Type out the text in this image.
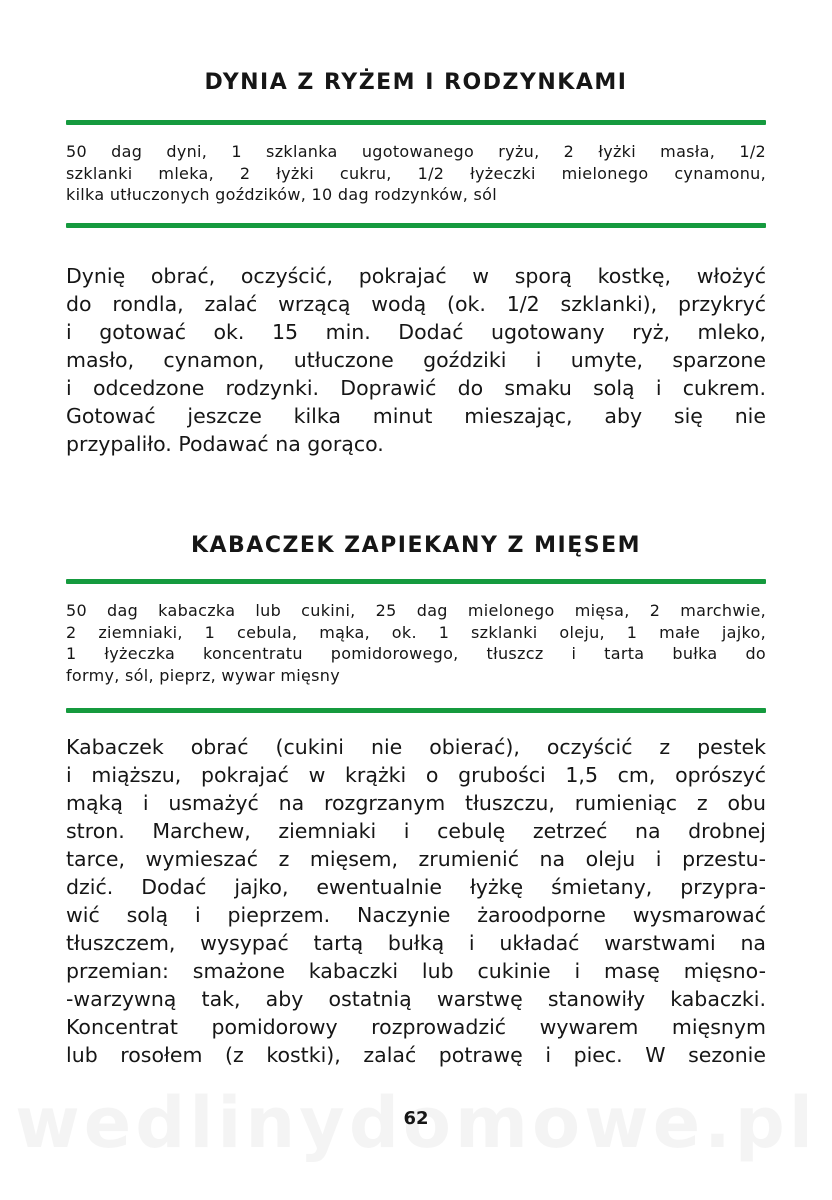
DYNIA Z RYŻEM I RODZYNKAMI

50 dag dyni, 1 szklanka ugotowanego ryżu, 2 łyżki masła, 1/2
szklanki mleka, 2 łyżki cukru, 1/2 łyżeczki mielonego cynamonu,
kilka utłuczonych goździków, 10 dag rodzynków, sól

Dynię obrać, oczyścić, pokrajać w sporą kostkę, włożyć
do rondla, zalać wrzącą wodą (ok. 1/2 szklanki), przykryć
i gotować ok. 15 min. Dodać ugotowany ryż, mleko,
masło, cynamon, utłuczone goździki i umyte, sparzone
i odcedzone rodzynki. Doprawić do smaku solą i cukrem.
Gotować jeszcze kilka minut mieszając, aby się nie
przypaliło. Podawać na gorąco.

KABACZEK ZAPIEKANY Z MIĘSEM

50 dag kabaczka lub cukini, 25 dag mielonego mięsa, 2 marchwie,
2 ziemniaki, 1 cebula, mąka, ok. 1 szklanki oleju, 1 małe jajko,
1 łyżeczka koncentratu pomidorowego, tłuszcz i tarta bułka do
formy, sól, pieprz, wywar mięsny

Kabaczek obrać (cukini nie obierać), oczyścić z pestek
i miąższu, pokrajać w krążki o grubości 1,5 cm, oprószyć
mąką i usmażyć na rozgrzanym tłuszczu, rumieniąc z obu
stron. Marchew, ziemniaki i cebulę zetrzeć na drobnej
tarce, wymieszać z mięsem, zrumienić na oleju i przestu-
dzić. Dodać jajko, ewentualnie łyżkę śmietany, przypra-
wić solą i pieprzem. Naczynie żaroodporne wysmarować
tłuszczem, wysypać tartą bułką i układać warstwami na
przemian: smażone kabaczki lub cukinie i masę mięsno-
-warzywną tak, aby ostatnią warstwę stanowiły kabaczki.
Koncentrat pomidorowy rozprowadzić wywarem mięsnym
lub rosołem (z kostki), zalać potrawę i piec. W sezonie

62
